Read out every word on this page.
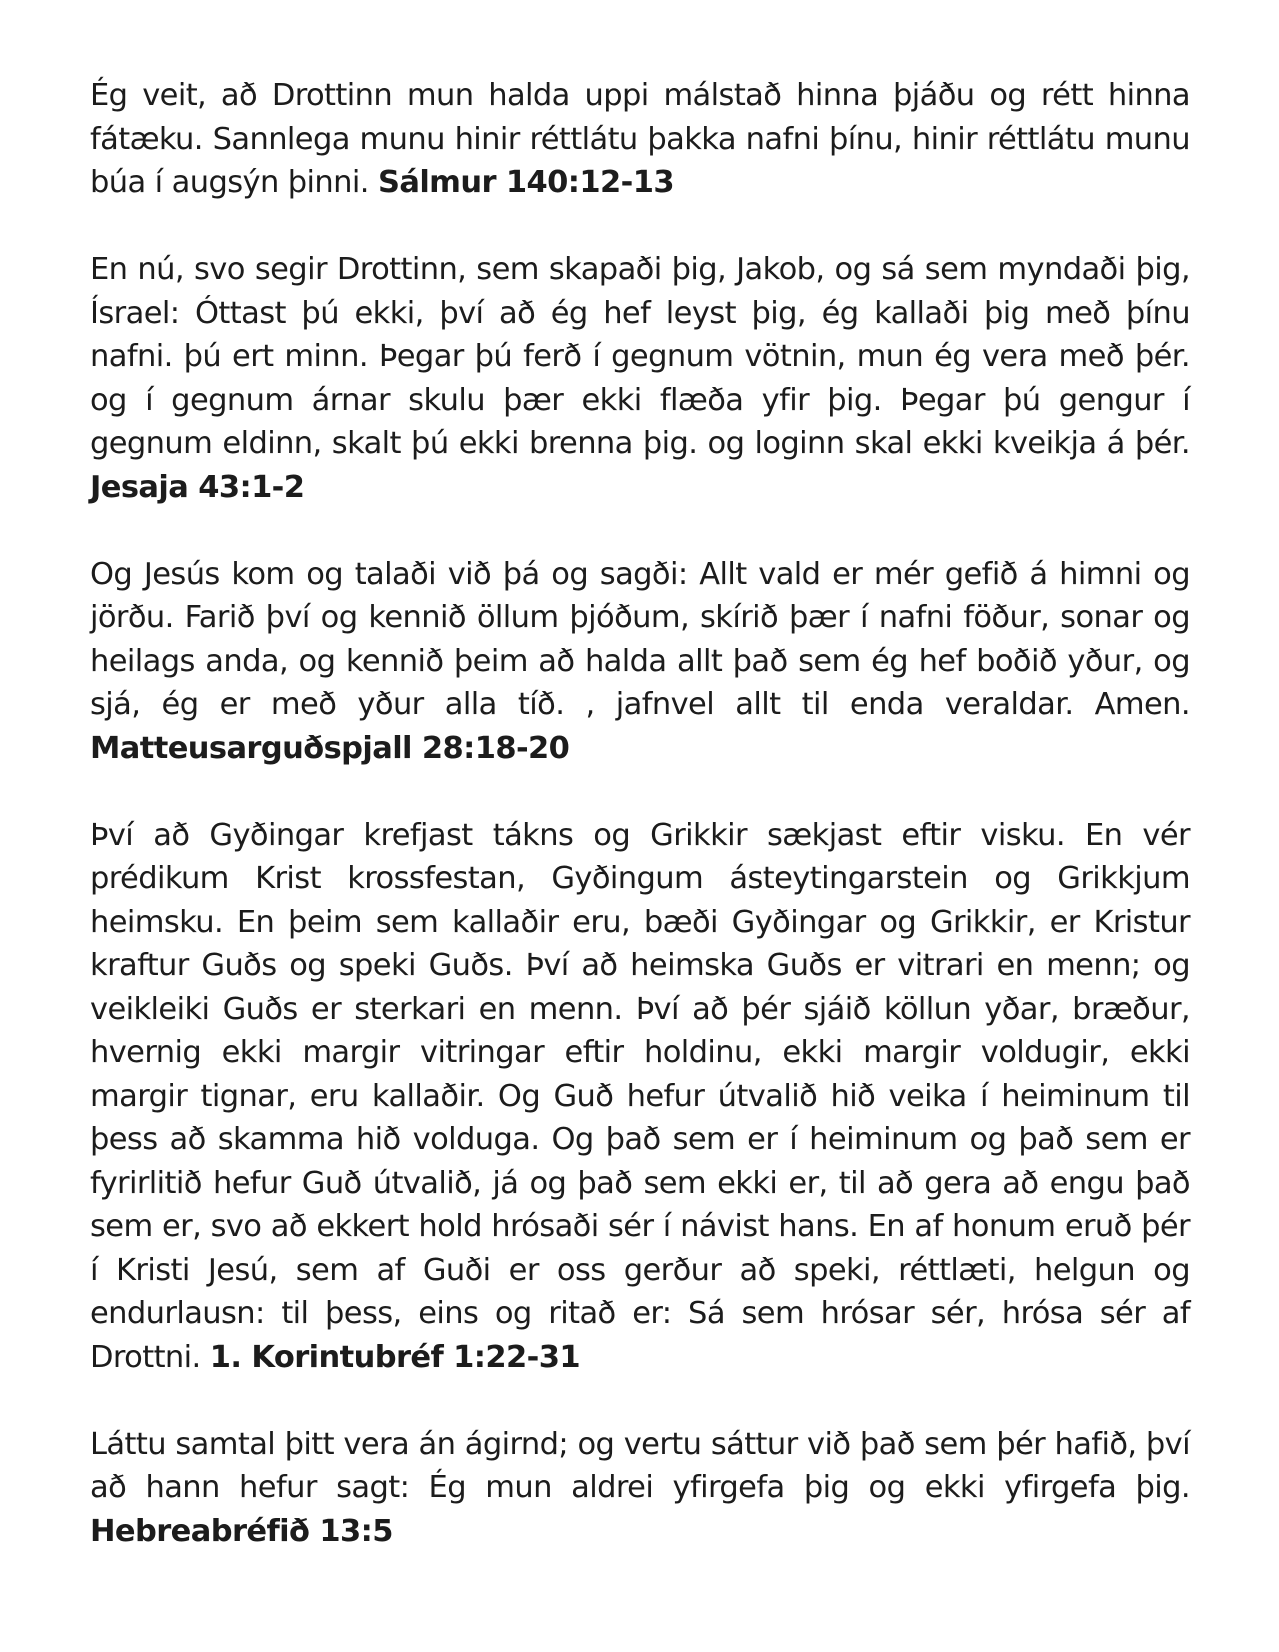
Ég veit, að Drottinn mun halda uppi málstað hinna þjáðu og rétt hinna fátæku. Sannlega munu hinir réttlátu þakka nafni þínu, hinir réttlátu munu búa í augsýn þinni. Sálmur 140:12-13

En nú, svo segir Drottinn, sem skapaði þig, Jakob, og sá sem myndaði þig, Ísrael: Óttast þú ekki, því að ég hef leyst þig, ég kallaði þig með þínu nafni. þú ert minn. Þegar þú ferð í gegnum vötnin, mun ég vera með þér. og í gegnum árnar skulu þær ekki flæða yfir þig. Þegar þú gengur í gegnum eldinn, skalt þú ekki brenna þig. og loginn skal ekki kveikja á þér. Jesaja 43:1-2

Og Jesús kom og talaði við þá og sagði: Allt vald er mér gefið á himni og jörðu. Farið því og kennið öllum þjóðum, skírið þær í nafni föður, sonar og heilags anda, og kennið þeim að halda allt það sem ég hef boðið yður, og sjá, ég er með yður alla tíð. , jafnvel allt til enda veraldar. Amen. Matteusarguðspjall 28:18-20

Því að Gyðingar krefjast tákns og Grikkir sækjast eftir visku. En vér prédikum Krist krossfestan, Gyðingum ásteytingarstein og Grikkjum heimsku. En þeim sem kallaðir eru, bæði Gyðingar og Grikkir, er Kristur kraftur Guðs og speki Guðs. Því að heimska Guðs er vitrari en menn; og veikleiki Guðs er sterkari en menn. Því að þér sjáið köllun yðar, bræður, hvernig ekki margir vitringar eftir holdinu, ekki margir voldugir, ekki margir tignar, eru kallaðir. Og Guð hefur útvalið hið veika í heiminum til þess að skamma hið volduga. Og það sem er í heiminum og það sem er fyrirlitið hefur Guð útvalið, já og það sem ekki er, til að gera að engu það sem er, svo að ekkert hold hrósaði sér í návist hans. En af honum eruð þér í Kristi Jesú, sem af Guði er oss gerður að speki, réttlæti, helgun og endurlausn: til þess, eins og ritað er: Sá sem hrósar sér, hrósa sér af Drottni. 1. Korintubréf 1:22-31

Láttu samtal þitt vera án ágirnd; og vertu sáttur við það sem þér hafið, því að hann hefur sagt: Ég mun aldrei yfirgefa þig og ekki yfirgefa þig. Hebreabréfið 13:5
